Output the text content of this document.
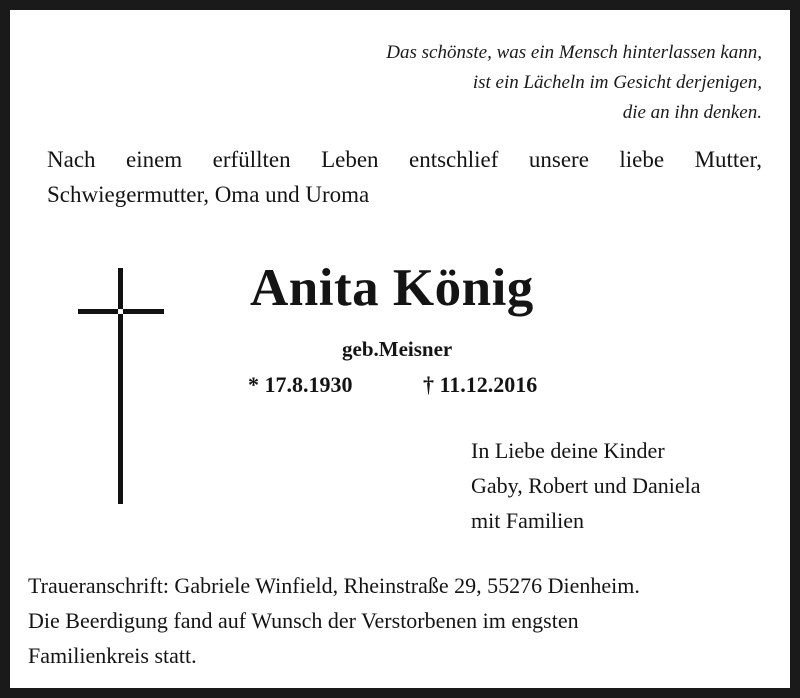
Das schönste, was ein Mensch hinterlassen kann,
ist ein Lächeln im Gesicht derjenigen,
die an ihn denken.
Nach einem erfüllten Leben entschlief unsere liebe Mutter,
Schwiegermutter, Oma und Uroma
Anita König
geb.Meisner
* 17.8.1930	† 11.12.2016
In Liebe deine Kinder
Gaby, Robert und Daniela
mit Familien
Traueranschrift: Gabriele Winfield, Rheinstraße 29, 55276 Dienheim.
Die Beerdigung fand auf Wunsch der Verstorbenen im engsten
Familienkreis statt.
